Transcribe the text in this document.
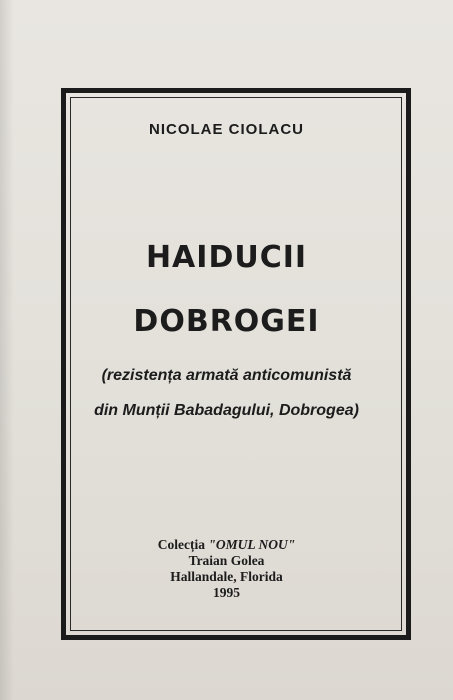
NICOLAE CIOLACU
HAIDUCII
DOBROGEI
(rezistența armată anticomunistă
din Munții Babadagului, Dobrogea)
Colecția "OMUL NOU"
Traian Golea
Hallandale, Florida
1995
